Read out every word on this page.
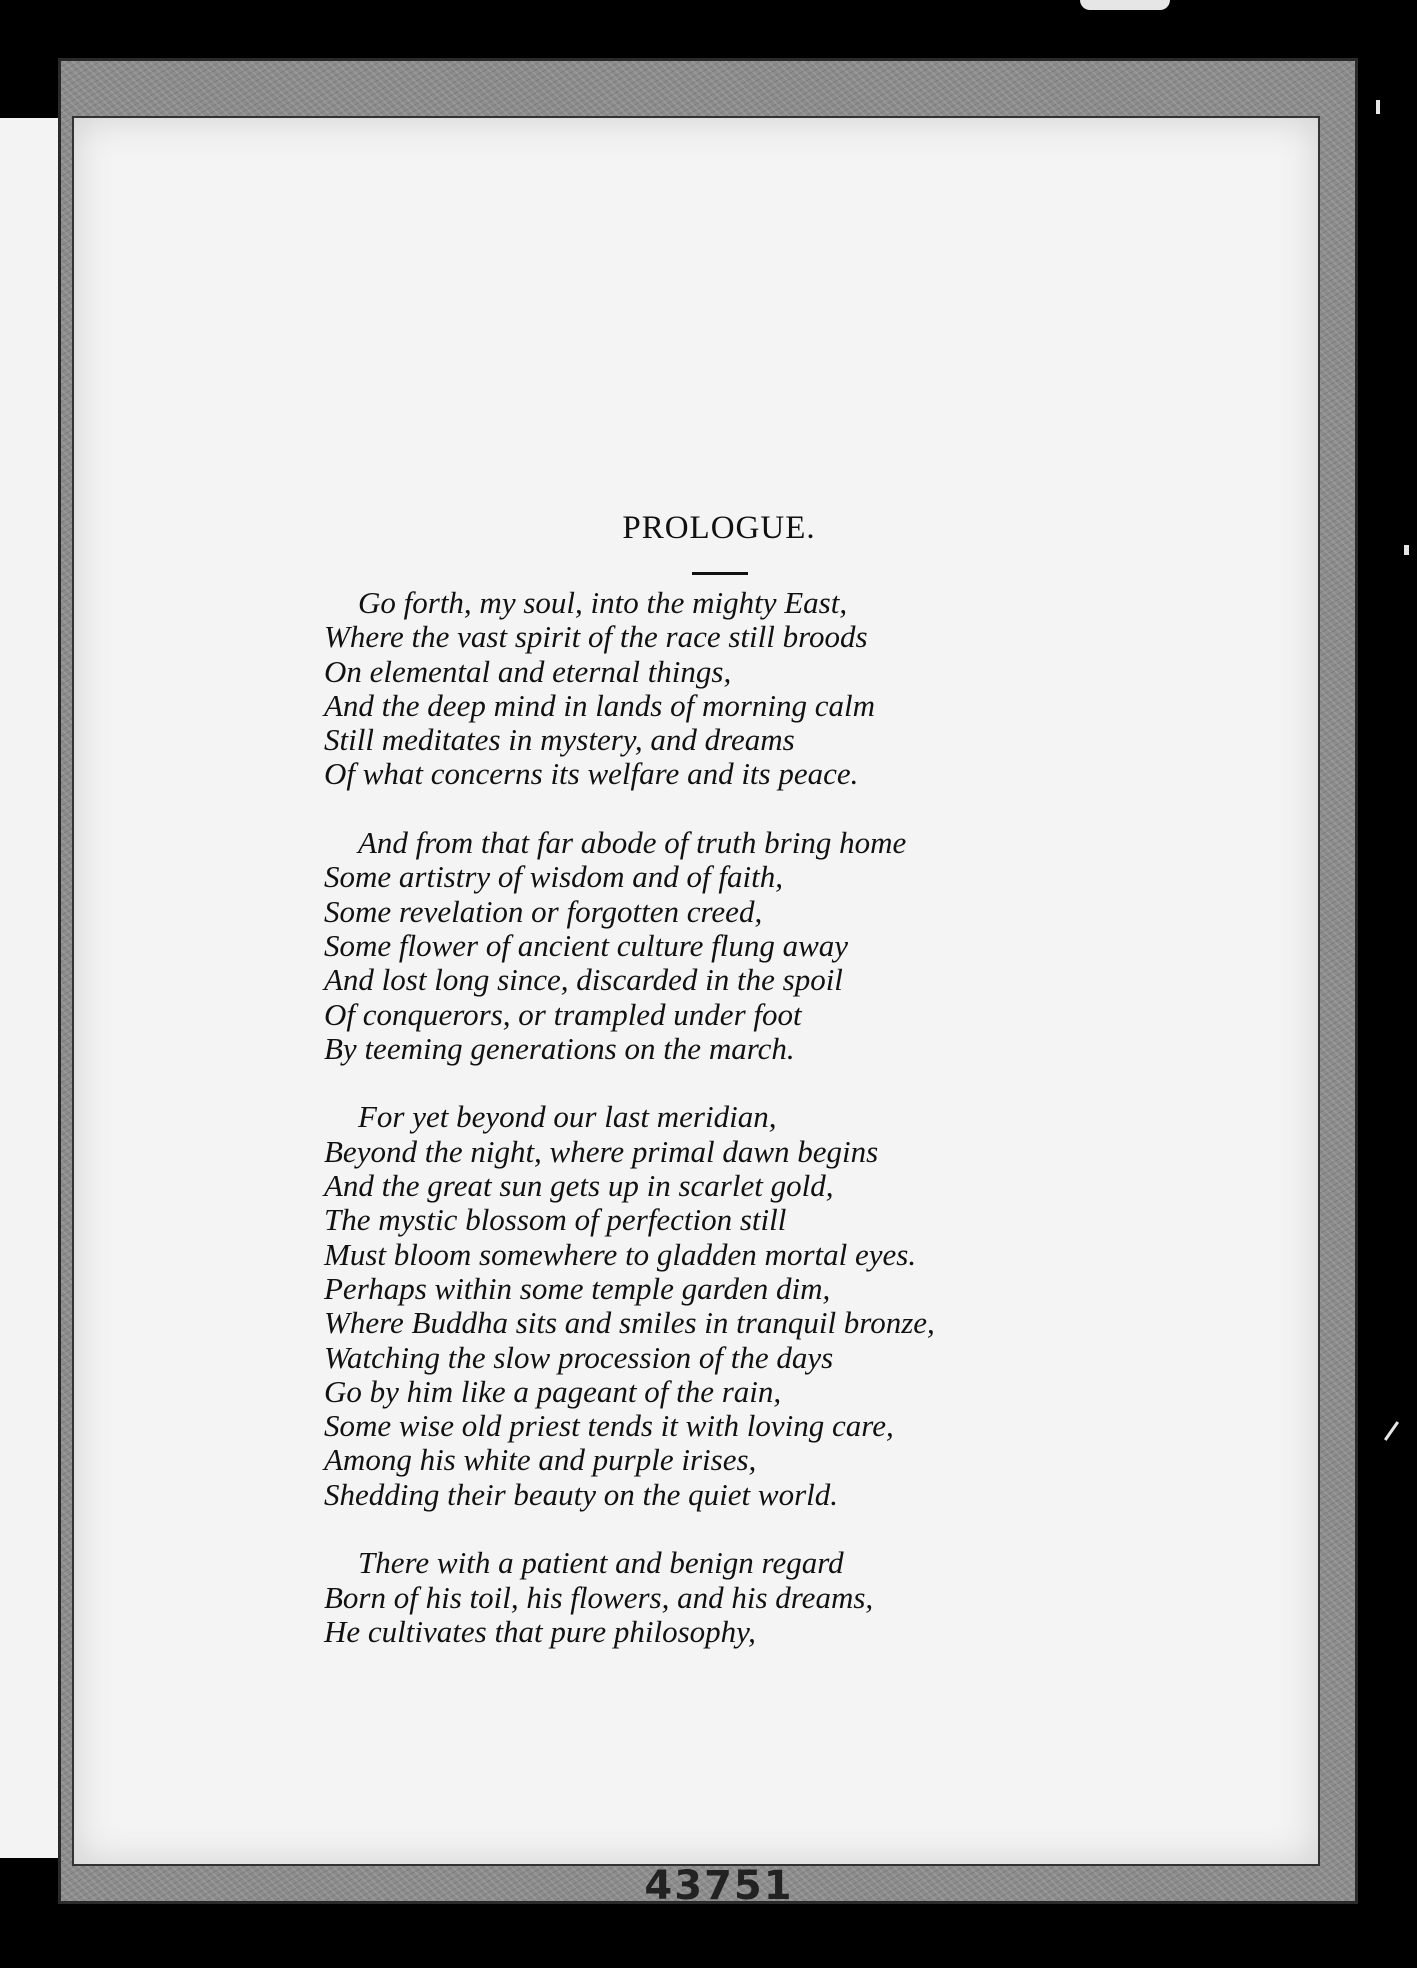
PROLOGUE.
Go forth, my soul, into the mighty East,
Where the vast spirit of the race still broods
On elemental and eternal things,
And the deep mind in lands of morning calm
Still meditates in mystery, and dreams
Of what concerns its welfare and its peace.
And from that far abode of truth bring home
Some artistry of wisdom and of faith,
Some revelation or forgotten creed,
Some flower of ancient culture flung away
And lost long since, discarded in the spoil
Of conquerors, or trampled under foot
By teeming generations on the march.
For yet beyond our last meridian,
Beyond the night, where primal dawn begins
And the great sun gets up in scarlet gold,
The mystic blossom of perfection still
Must bloom somewhere to gladden mortal eyes.
Perhaps within some temple garden dim,
Where Buddha sits and smiles in tranquil bronze,
Watching the slow procession of the days
Go by him like a pageant of the rain,
Some wise old priest tends it with loving care,
Among his white and purple irises,
Shedding their beauty on the quiet world.
There with a patient and benign regard
Born of his toil, his flowers, and his dreams,
He cultivates that pure philosophy,
43751
